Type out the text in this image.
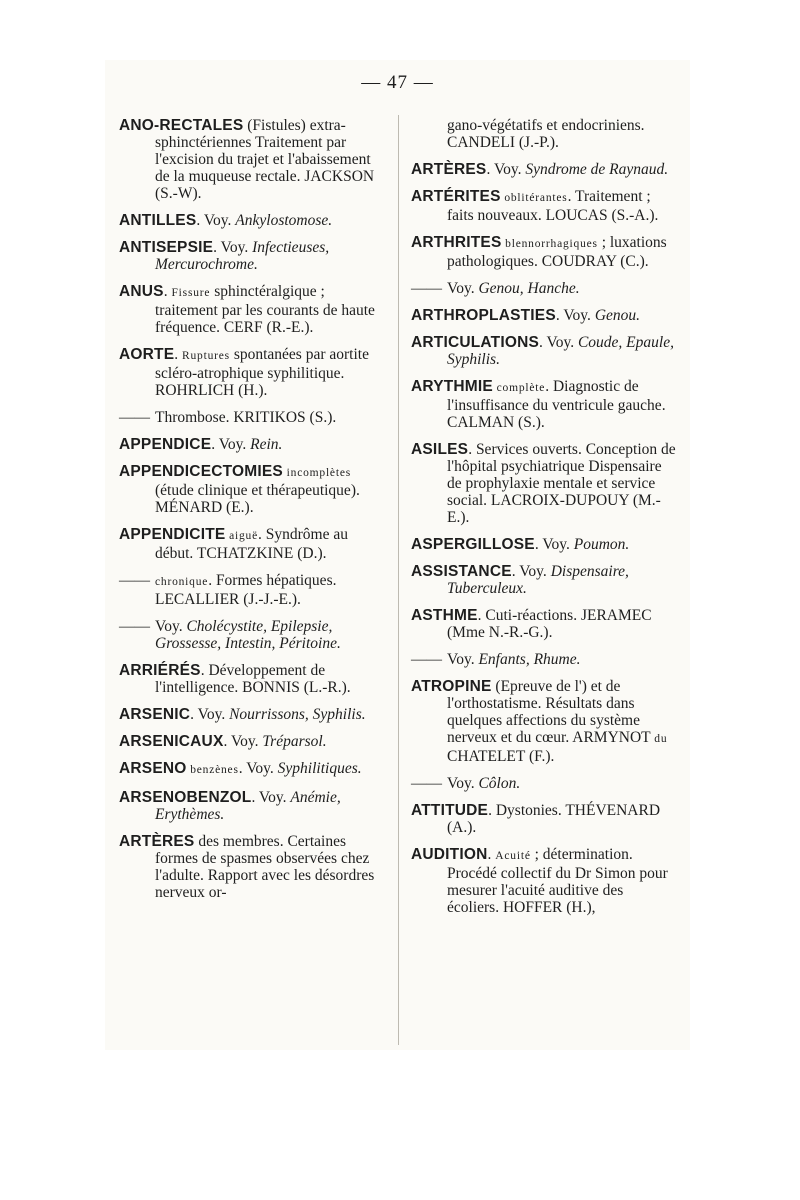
— 47 —
ANO-RECTALES (Fistules) extra-sphinctériennes Traitement par l'excision du trajet et l'abaissement de la muqueuse rectale. JACKSON (S.-W).
ANTILLES. Voy. Ankylostomose.
ANTISEPSIE. Voy. Infectieuses, Mercurochrome.
ANUS. Fissure sphinctéralgique ; traitement par les courants de haute fréquence. CERF (R.-E.).
AORTE. Ruptures spontanées par aortite scléro-atrophique syphilitique. ROHRLICH (H.).
—— Thrombose. KRITIKOS (S.).
APPENDICE. Voy. Rein.
APPENDICECTOMIES incomplètes (étude clinique et thérapeutique). MÉNARD (E.).
APPENDICITE aiguë. Syndrôme au début. TCHATZKINE (D.).
—— chronique. Formes hépatiques. LECALLIER (J.-J.-E.).
—— Voy. Cholécystite, Epilepsie, Grossesse, Intestin, Péritoine.
ARRIÉRÉS. Développement de l'intelligence. BONNIS (L.-R.).
ARSENIC. Voy. Nourrissons, Syphilis.
ARSENICAUX. Voy. Tréparsol.
ARSENO benzènes. Voy. Syphilitiques.
ARSENOBENZOL. Voy. Anémie, Erythèmes.
ARTÈRES des membres. Certaines formes de spasmes observées chez l'adulte. Rapport avec les désordres nerveux or-
gano-végétatifs et endocriniens. CANDELI (J.-P.).
ARTÈRES. Voy. Syndrome de Raynaud.
ARTÉRITES oblitérantes. Traitement ; faits nouveaux. LOUCAS (S.-A.).
ARTHRITES blennorrhagiques ; luxations pathologiques. COUDRAY (C.).
—— Voy. Genou, Hanche.
ARTHROPLASTIES. Voy. Genou.
ARTICULATIONS. Voy. Coude, Epaule, Syphilis.
ARYTHMIE complète. Diagnostic de l'insuffisance du ventricule gauche. CALMAN (S.).
ASILES. Services ouverts. Conception de l'hôpital psychiatrique Dispensaire de prophylaxie mentale et service social. LACROIX-DUPOUY (M.-E.).
ASPERGILLOSE. Voy. Poumon.
ASSISTANCE. Voy. Dispensaire, Tuberculeux.
ASTHME. Cuti-réactions. JERAMEC (Mme N.-R.-G.).
—— Voy. Enfants, Rhume.
ATROPINE (Epreuve de l') et de l'orthostatisme. Résultats dans quelques affections du système nerveux et du cœur. ARMYNOT du CHATELET (F.).
—— Voy. Côlon.
ATTITUDE. Dystonies. THÉVENARD (A.).
AUDITION. Acuité ; détermination. Procédé collectif du Dr Simon pour mesurer l'acuité auditive des écoliers. HOFFER (H.),
